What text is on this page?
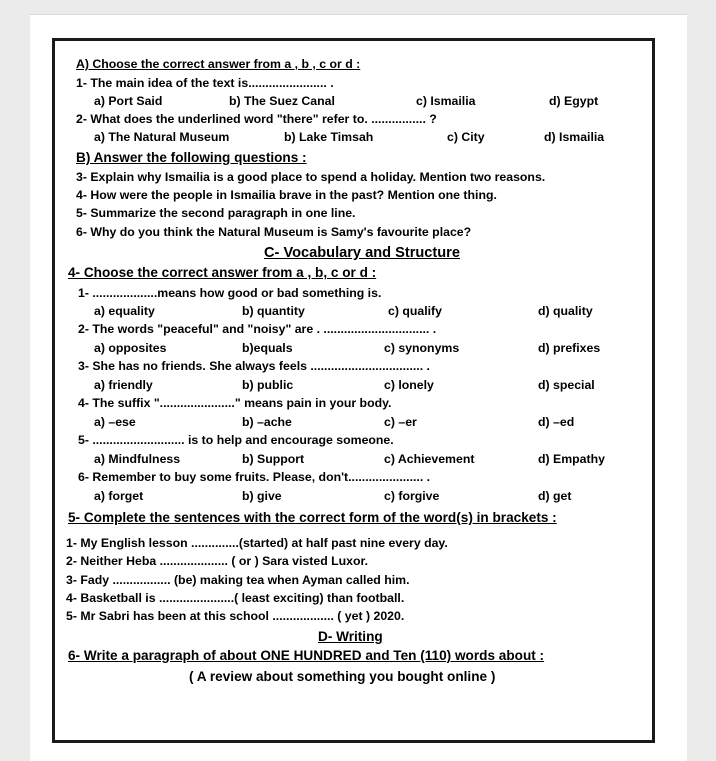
A) Choose the correct answer from a , b , c or d :
1- The main idea of the text is....................... .
a) Port Said	b) The Suez Canal	c) Ismailia	d) Egypt
2- What does the underlined word "there" refer to. ................ ?
a) The Natural Museum	b) Lake Timsah	c) City	d) Ismailia
B) Answer the following questions :
3- Explain why Ismailia is a good place to spend a holiday. Mention two reasons.
4- How were the people in Ismailia brave in the past? Mention one thing.
5- Summarize the second paragraph in one line.
6- Why do you think the Natural Museum is Samy's favourite place?
C- Vocabulary and Structure
4- Choose the correct answer from a , b, c or d :
1- ...................means how good or bad something is.
a) equality	b) quantity	c) qualify	d) quality
2- The words "peaceful" and "noisy" are . ............................... .
a) opposites	b)equals	c) synonyms	d) prefixes
3- She has no friends. She always feels ................................. .
a) friendly	b) public	c) lonely	d) special
4- The suffix "......................" means pain in your body.
a) –ese	b) –ache	c) –er	d) –ed
5- ........................... is to help and encourage someone.
a) Mindfulness	b) Support	c) Achievement	d) Empathy
6- Remember to buy some fruits. Please, don't...................... .
a) forget	b) give	c) forgive	d) get
5- Complete the sentences with the correct form of the word(s) in brackets :
1- My English lesson ..............(started) at half past nine every day.
2- Neither Heba .................... ( or ) Sara visted Luxor.
3- Fady ................. (be) making tea when Ayman called him.
4- Basketball is ......................( least exciting) than football.
5- Mr Sabri has been at this school .................. ( yet ) 2020.
D- Writing
6- Write a paragraph of about ONE HUNDRED and Ten (110) words about :
( A review about something you bought online )
